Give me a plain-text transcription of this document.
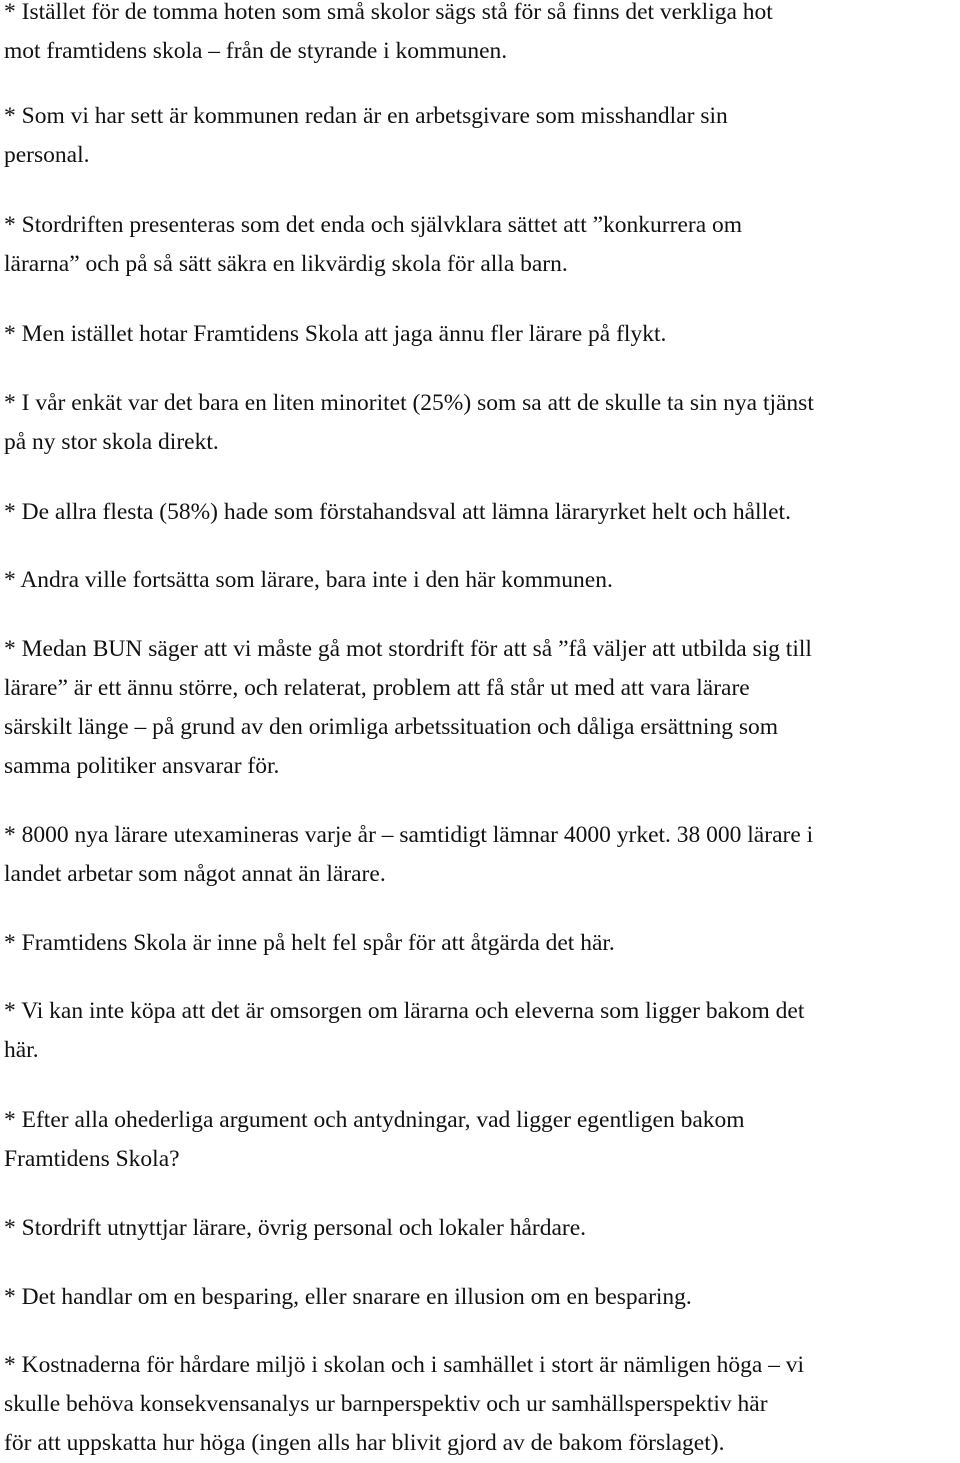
* Istället för de tomma hoten som små skolor sägs stå för så finns det verkliga hot
mot framtidens skola – från de styrande i kommunen.
* Som vi har sett är kommunen redan är en arbetsgivare som misshandlar sin
personal.
* Stordriften presenteras som det enda och självklara sättet att ”konkurrera om
lärarna” och på så sätt säkra en likvärdig skola för alla barn.
* Men istället hotar Framtidens Skola att jaga ännu fler lärare på flykt.
* I vår enkät var det bara en liten minoritet (25%) som sa att de skulle ta sin nya tjänst
på ny stor skola direkt.
* De allra flesta (58%) hade som förstahandsval att lämna läraryrket helt och hållet.
* Andra ville fortsätta som lärare, bara inte i den här kommunen.
* Medan BUN säger att vi måste gå mot stordrift för att så ”få väljer att utbilda sig till
lärare” är ett ännu större, och relaterat, problem att få står ut med att vara lärare
särskilt länge – på grund av den orimliga arbetssituation och dåliga ersättning som
samma politiker ansvarar för.
* 8000 nya lärare utexamineras varje år – samtidigt lämnar 4000 yrket. 38 000 lärare i
landet arbetar som något annat än lärare.
* Framtidens Skola är inne på helt fel spår för att åtgärda det här.
* Vi kan inte köpa att det är omsorgen om lärarna och eleverna som ligger bakom det
här.
* Efter alla ohederliga argument och antydningar, vad ligger egentligen bakom
Framtidens Skola?
* Stordrift utnyttjar lärare, övrig personal och lokaler hårdare.
* Det handlar om en besparing, eller snarare en illusion om en besparing.
* Kostnaderna för hårdare miljö i skolan och i samhället i stort är nämligen höga – vi
skulle behöva konsekvensanalys ur barnperspektiv och ur samhällsperspektiv här
för att uppskatta hur höga (ingen alls har blivit gjord av de bakom förslaget).
